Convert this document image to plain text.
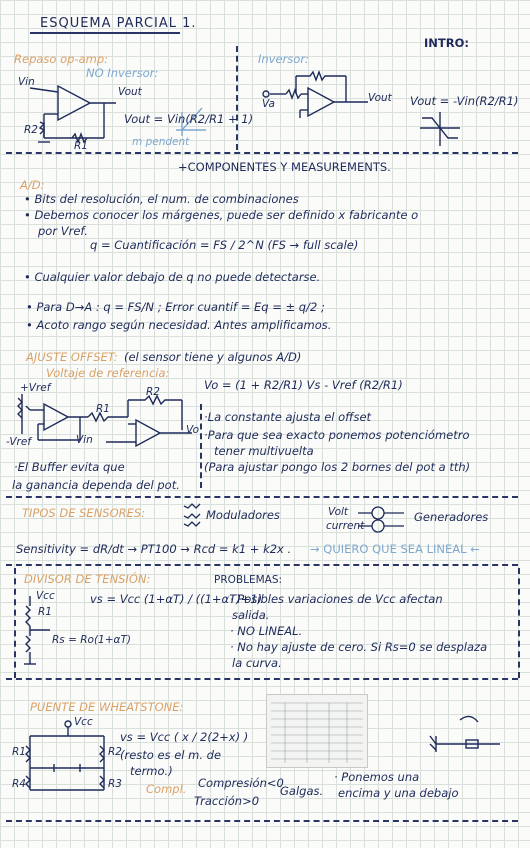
ESQUEMA PARCIAL 1.
INTRO:
Repaso op-amp:
NO Inversor:
Inversor:
Vin
Vout
R2
R1
Vout = Vin(R2/R1 + 1)
m pendent
Va	Vout Vout = -Vin(R2/R1)
+COMPONENTES Y MEASUREMENTS.
A/D:
• Bits del resolución, el num. de combinaciones
• Debemos conocer los márgenes, puede ser definido x fabricante o
por Vref.
q = Cuantificación = FS / 2^N (FS → full scale)
• Cualquier valor debajo de q no puede detectarse.
• Para D→A : q = FS/N ; Error cuantif = Eq = ± q/2 ;
• Acoto rango según necesidad. Antes amplificamos.
AJUSTE OFFSET: (el sensor tiene y algunos A/D)
Voltaje de referencia:
+Vref
-Vref
R1
R2
Vin
Vo
Vo = (1 + R2/R1) Vs - Vref (R2/R1)
·La constante ajusta el offset
·Para que sea exacto ponemos potenciómetro
tener multivuelta
(Para ajustar pongo los 2 bornes del pot a tth)
·El Buffer evita que
la ganancia dependa del pot.
TIPOS DE SENSORES:	Moduladores	Volt
current
Generadores
Sensitivity = dR/dt → PT100 → Rcd = k1 + k2x . → QUIERO QUE SEA LINEAL ←
DIVISOR DE TENSIÓN:
Vcc
R1
Rs = Ro(1+αT)
vs = Vcc (1+αT) / ((1+αT)+1)
PROBLEMAS:
· Posibles variaciones de Vcc afectan
salida.
· NO LINEAL.
· No hay ajuste de cero. Si Rs=0 se desplaza
la curva.
PUENTE DE WHEATSTONE:
Vcc
R1	R2
R4	R3
vs = Vcc ( x / 2(2+x) )
(resto es el m. de
termo.)
Compl. Compresión<0
Tracción>0
Galgas.
· Ponemos una
encima y una debajo
